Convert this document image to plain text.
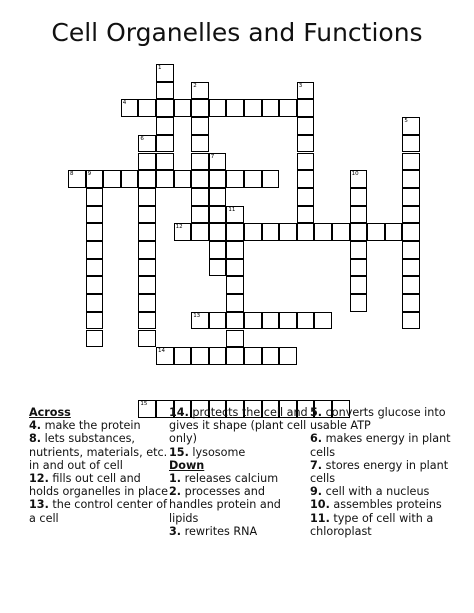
Cell Organelles and Functions
4
8	9
12
13
14
15
1
2	3
5
6
7
10
11
Across
4. make the protein
8. lets substances, nutrients, materials, etc. in and out of cell
12. fills out cell and holds organelles in place
13. the control center of a cell
14. protects the cell and gives it shape (plant cell only)
15. lysosome
Down
1. releases calcium
2. processes and handles protein and lipids
3. rewrites RNA
5. converts glucose into usable ATP
6. makes energy in plant cells
7. stores energy in plant cells
9. cell with a nucleus
10. assembles proteins
11. type of cell with a chloroplast
